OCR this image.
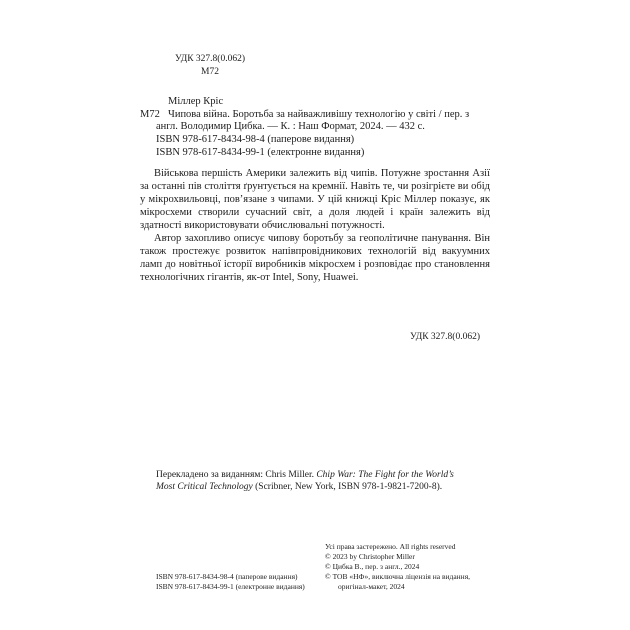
УДК 327.8(0.062)
М72
Міллер Кріс
М72 Чипова війна. Боротьба за найважливішу технологію у світі / пер. з англ. Володимир Цибка. — К. : Наш Формат, 2024. — 432 с.

ISBN 978-617-8434-98-4 (паперове видання)
ISBN 978-617-8434-99-1 (електронне видання)

Військова першість Америки залежить від чипів. Потужне зростання Азії за останні пів століття ґрунтується на кремнії. Навіть те, чи розігрієте ви обід у мікрохвильовці, пов’язане з чипами. У цій книжці Кріс Міллер показує, як мікросхеми створили сучасний світ, а доля людей і країн залежить від здатності використовувати обчислювальні потужності.

Автор захопливо описує чипову боротьбу за геополітичне панування. Він також простежує розвиток напівпровідникових технологій від вакуумних ламп до новітньої історії виробників мікросхем і розповідає про становлення технологічних гігантів, як-от Intel, Sony, Huawei.

УДК 327.8(0.062)

Перекладено за виданням: Chris Miller. Chip War: The Fight for the World’s Most Critical Technology (Scribner, New York, ISBN 978-1-9821-7200-8).

Усі права застережено. All rights reserved
© 2023 by Christopher Miller
© Цибка В., пер. з англ., 2024
© ТОВ «НФ», виключна ліцензія на видання,
оригінал-макет, 2024
ISBN 978-617-8434-98-4 (паперове видання)
ISBN 978-617-8434-99-1 (електронне видання)
